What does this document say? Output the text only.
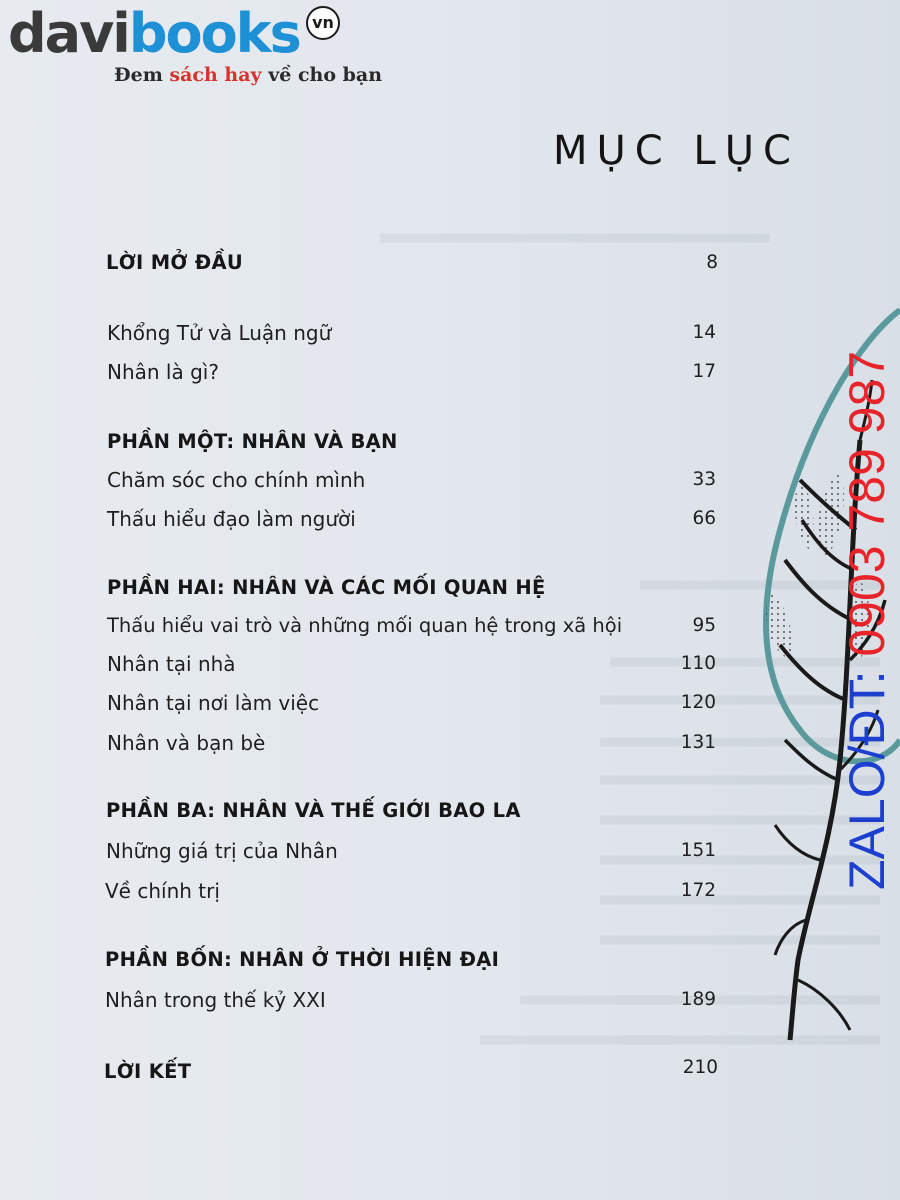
davibooks vn
Đem sách hay về cho bạn
MỤC LỤC
LỜI MỞ ĐẦU	8
Khổng Tử và Luận ngữ	14
Nhân là gì?	17
PHẦN MỘT: NHÂN VÀ BẠN
Chăm sóc cho chính mình	33
Thấu hiểu đạo làm người	66
PHẦN HAI: NHÂN VÀ CÁC MỐI QUAN HỆ
Thấu hiểu vai trò và những mối quan hệ trong xã hội	95
Nhân tại nhà	110
Nhân tại nơi làm việc	120
Nhân và bạn bè	131
PHẦN BA: NHÂN VÀ THẾ GIỚI BAO LA
Những giá trị của Nhân	151
Về chính trị	172
PHẦN BỐN: NHÂN Ở THỜI HIỆN ĐẠI
Nhân trong thế kỷ XXI	189
LỜI KẾT	210
ZALO/ĐT: 0903 789 987
